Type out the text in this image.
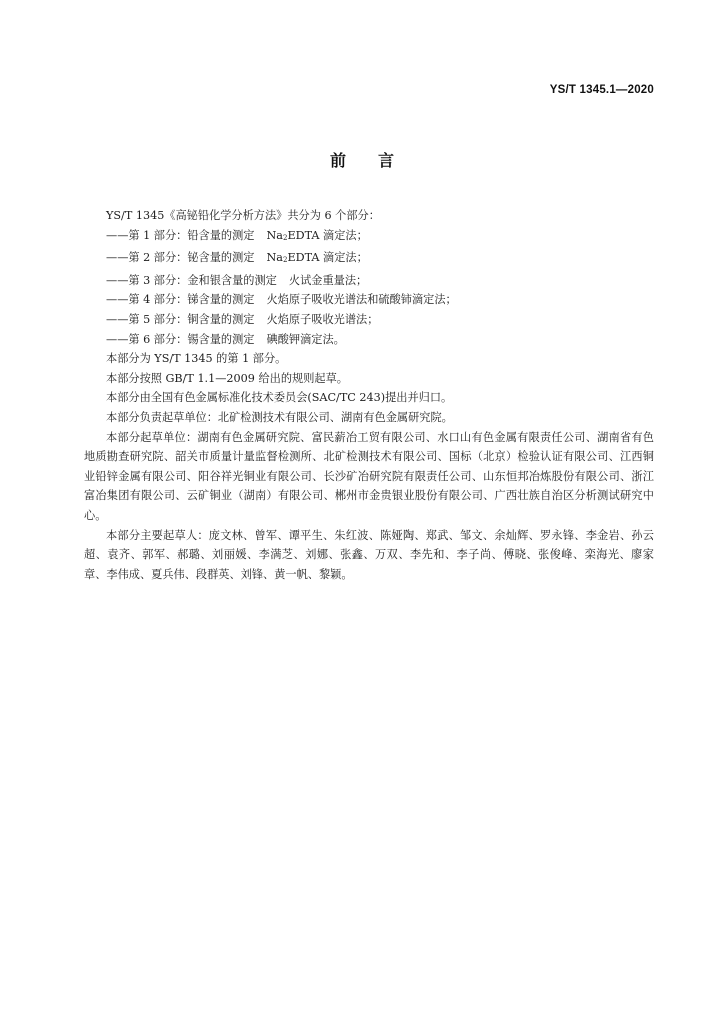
YS/T 1345.1—2020
前言

YS/T 1345《高铋铅化学分析方法》共分为 6 个部分：

——第 1 部分：铅含量的测定 $Na_2EDTA$ 滴定法；

——第 2 部分：铋含量的测定 $Na_2EDTA$ 滴定法；

——第 3 部分：金和银含量的测定 火试金重量法；

——第 4 部分：锑含量的测定 火焰原子吸收光谱法和硫酸铈滴定法；

——第 5 部分：铜含量的测定 火焰原子吸收光谱法；

——第 6 部分：锡含量的测定 碘酸钾滴定法。

本部分为 YS/T 1345 的第 1 部分。

本部分按照 GB/T 1.1—2009 给出的规则起草。

本部分由全国有色金属标准化技术委员会(SAC/TC 243)提出并归口。

本部分负责起草单位：北矿检测技术有限公司、湖南有色金属研究院。

本部分起草单位：湖南有色金属研究院、富民薪冶工贸有限公司、水口山有色金属有限责任公司、湖南省有色地质勘查研究院、韶关市质量计量监督检测所、北矿检测技术有限公司、国标（北京）检验认证有限公司、江西铜业铅锌金属有限公司、阳谷祥光铜业有限公司、长沙矿冶研究院有限责任公司、山东恒邦冶炼股份有限公司、浙江富冶集团有限公司、云矿铜业（湖南）有限公司、郴州市金贵银业股份有限公司、广西壮族自治区分析测试研究中心。

本部分主要起草人：庞文林、曾军、谭平生、朱红波、陈娅陶、郑武、邹文、余灿辉、罗永锋、李金岩、孙云超、袁齐、郭军、郝璐、刘丽媛、李满芝、刘娜、张鑫、万双、李先和、李子尚、傅晓、张俊峰、栾海光、廖家章、李伟成、夏兵伟、段群英、刘锋、黄一帆、黎颖。
